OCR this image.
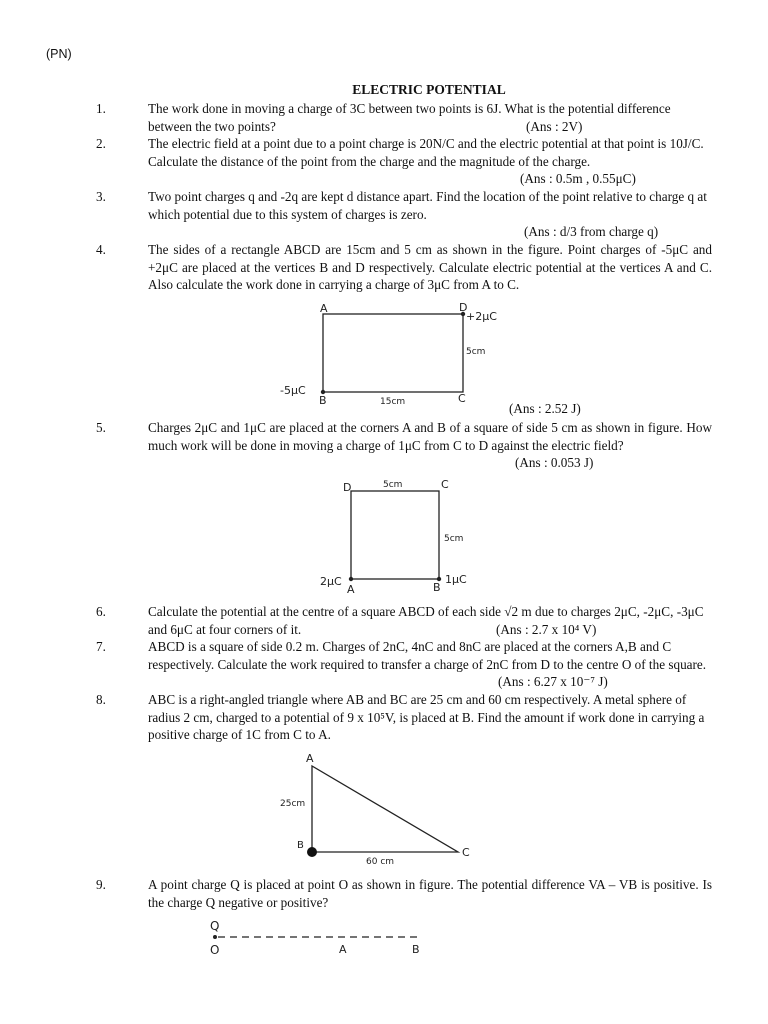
(PN)
ELECTRIC POTENTIAL
1.	The work done in moving a charge of 3C between two points is 6J. What is the potential difference between the two points?	(Ans : 2V)
2.	The electric field at a point due to a point charge is 20N/C and the electric potential at that point is 10J/C. Calculate the distance of the point from the charge and the magnitude of the charge.
(Ans : 0.5m , 0.55μC)
3.	Two point charges q and -2q are kept d distance apart. Find the location of the point relative to charge q at which potential due to this system of charges is zero.
(Ans : d/3 from charge q)
4.	The sides of a rectangle ABCD are 15cm and 5 cm as shown in the figure. Point charges of -5μC and +2μC are placed at the vertices B and D respectively. Calculate electric potential at the vertices A and C. Also calculate the work done in carrying a charge of 3μC from A to C.
(Ans : 2.52 J)
A	D
+2μC
5cm
-5μC
B	15cm	C
5.	Charges 2μC and 1μC are placed at the corners A and B of a square of side 5 cm as shown in figure. How much work will be done in moving a charge of 1μC from C to D against the electric field?
(Ans : 0.053 J)
D	5cm	C
5cm
2μC
A	B
1μC
6.	Calculate the potential at the centre of a square ABCD of each side √2 m due to charges 2μC, -2μC, -3μC and 6μC at four corners of it.	(Ans : 2.7 x 10⁴ V)
7.	ABCD is a square of side 0.2 m. Charges of 2nC, 4nC and 8nC are placed at the corners A,B and C respectively. Calculate the work required to transfer a charge of 2nC from D to the centre O of the square.
(Ans : 6.27 x 10⁻⁷ J)
8.	ABC is a right-angled triangle where AB and BC are 25 cm and 60 cm respectively. A metal sphere of radius 2 cm, charged to a potential of 9 x 10⁵V, is placed at B. Find the amount if work done in carrying a positive charge of 1C from C to A.
A
25cm
B
60 cm
C
9.	A point charge Q is placed at point O as shown in figure. The potential difference VA – VB is positive. Is the charge Q negative or positive?
Q
O	A	B
